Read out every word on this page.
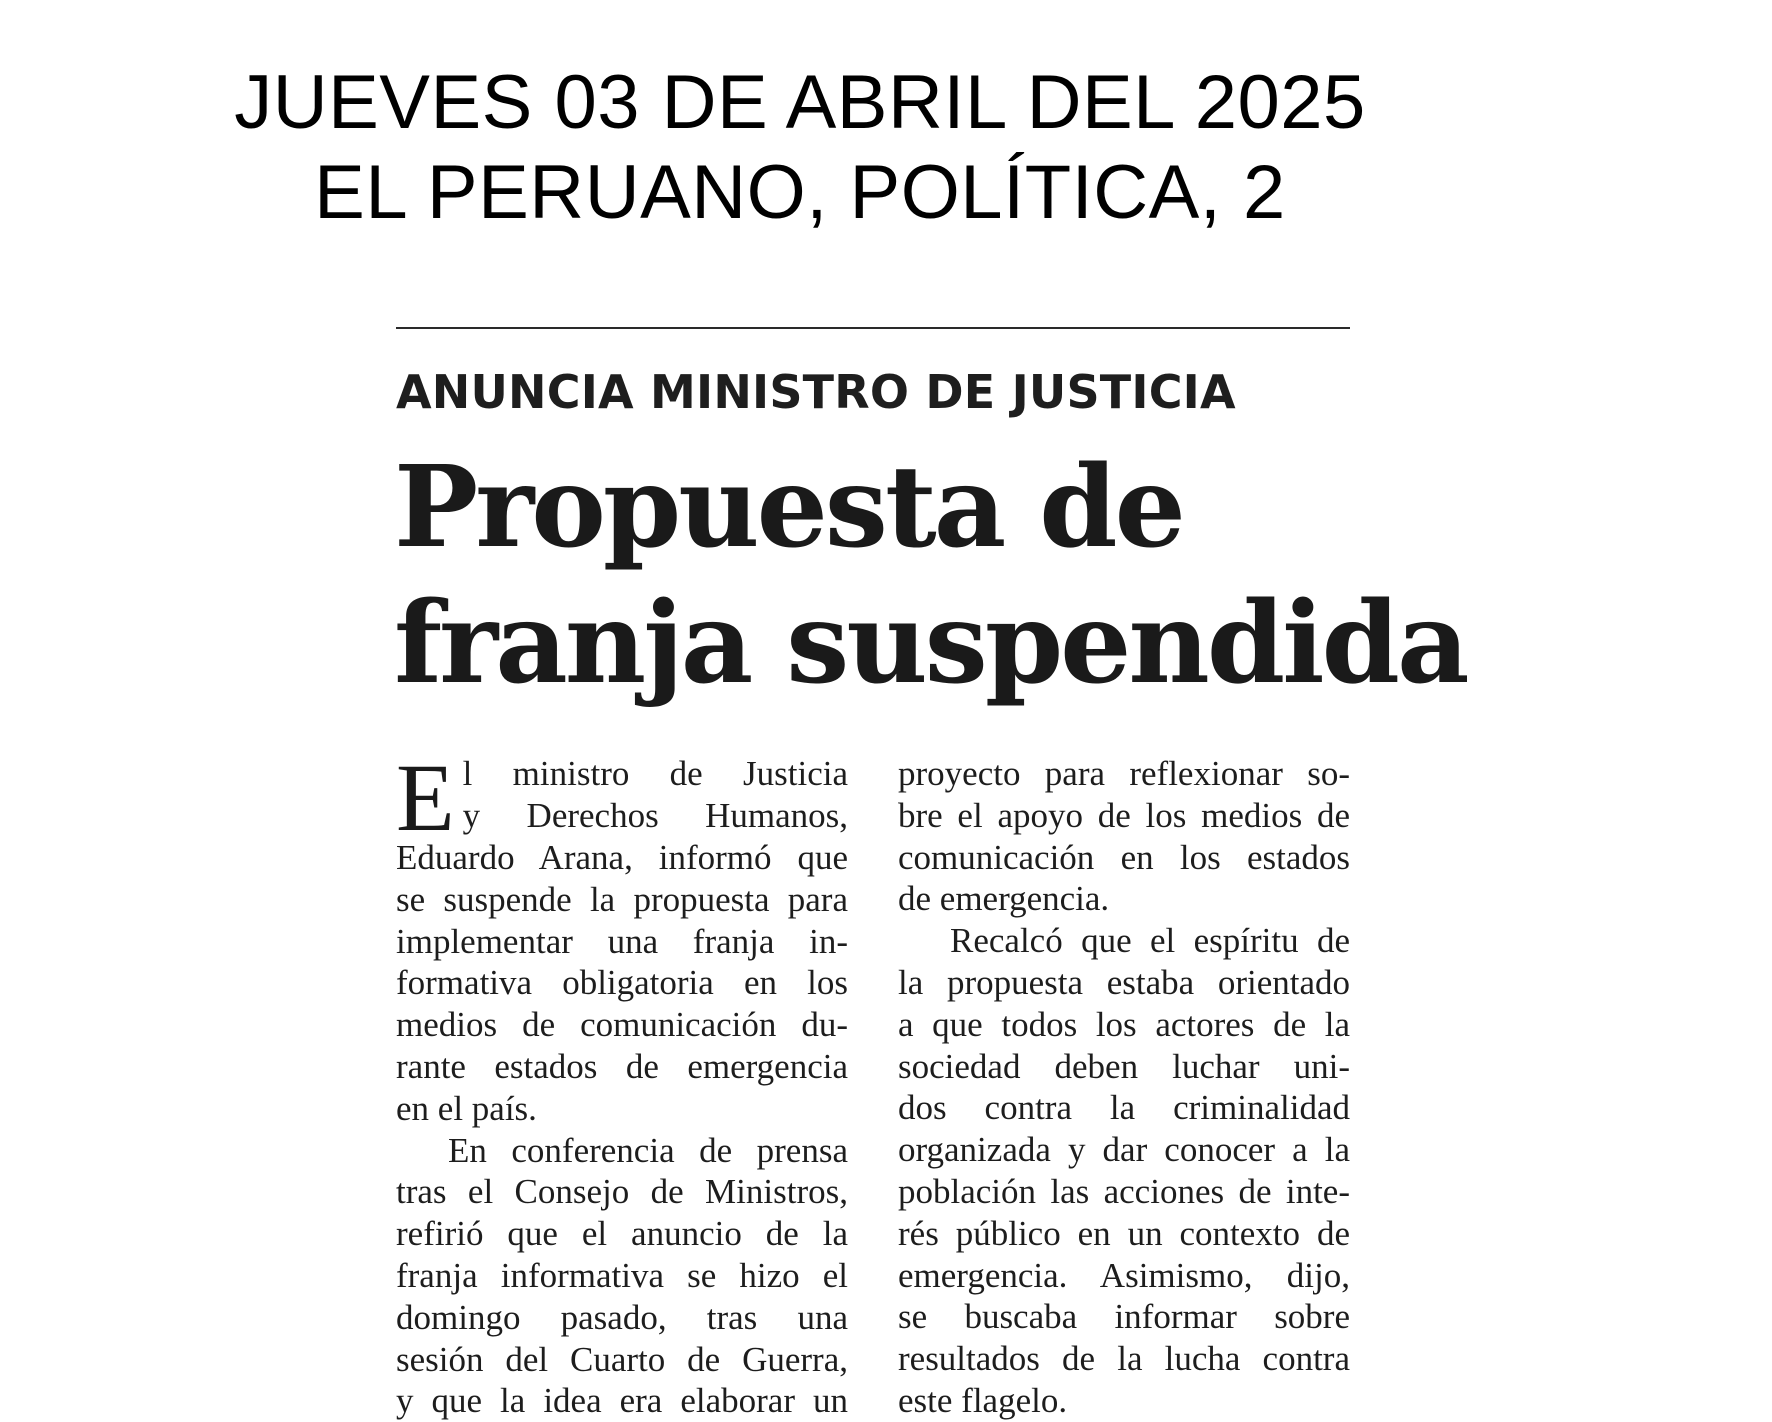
JUEVES 03 DE ABRIL DEL 2025
EL PERUANO, POLÍTICA, 2
ANUNCIA MINISTRO DE JUSTICIA
Propuesta de
franja suspendida
E l ministro de Justicia
y Derechos Humanos,
Eduardo Arana, informó que
se suspende la propuesta para
implementar una franja in-
formativa obligatoria en los
medios de comunicación du-
rante estados de emergencia
en el país.
En conferencia de prensa
tras el Consejo de Ministros,
refirió que el anuncio de la
franja informativa se hizo el
domingo pasado, tras una
sesión del Cuarto de Guerra,
y que la idea era elaborar un
proyecto para reflexionar so-
bre el apoyo de los medios de
comunicación en los estados
de emergencia.
Recalcó que el espíritu de
la propuesta estaba orientado
a que todos los actores de la
sociedad deben luchar uni-
dos contra la criminalidad
organizada y dar conocer a la
población las acciones de inte-
rés público en un contexto de
emergencia. Asimismo, dijo,
se buscaba informar sobre
resultados de la lucha contra
este flagelo.
